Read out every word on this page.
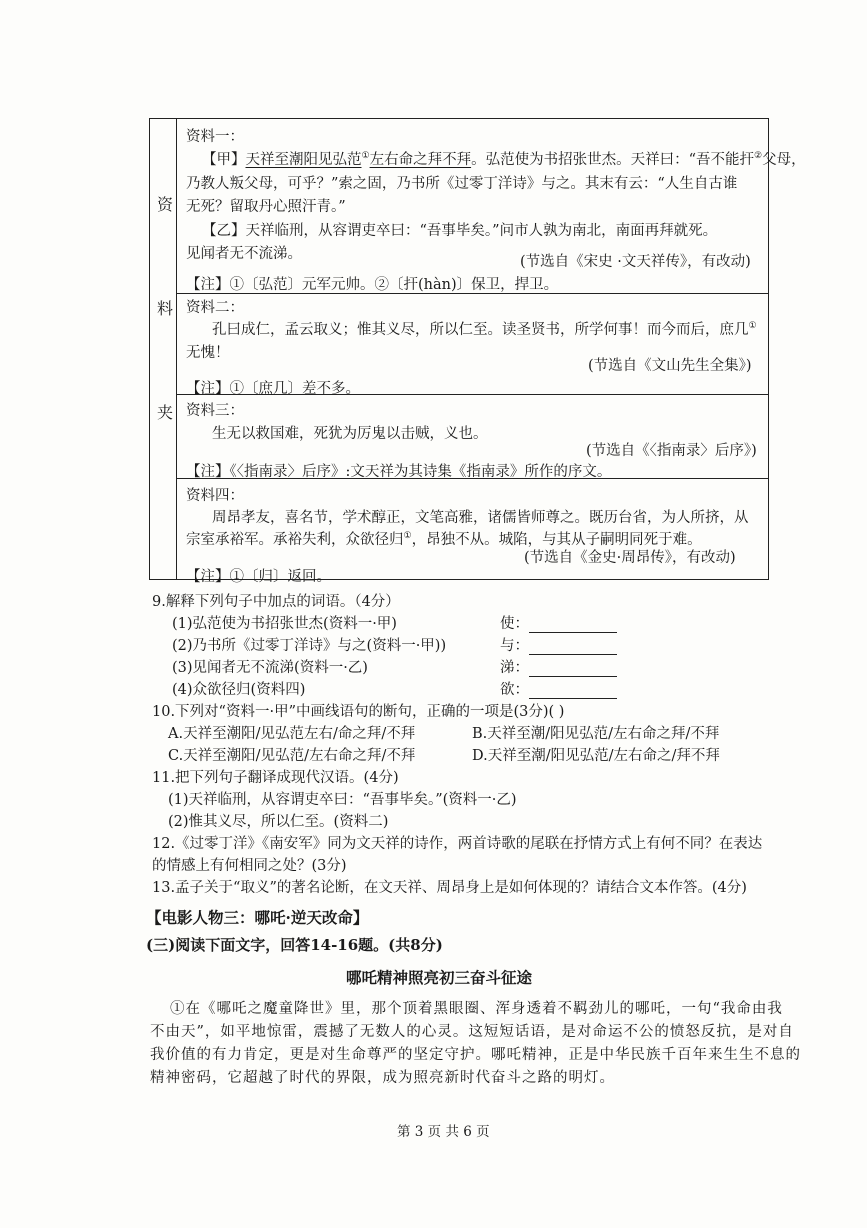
资
料
夹
资料一：
【甲】天祥至潮阳见弘范①左右命之拜不拜。弘范使为书招张世杰。天祥曰：“吾不能扞②父母，
乃教人叛父母，可乎？”索之固，乃书所《过零丁洋诗》与之。其末有云：“人生自古谁
无死？留取丹心照汗青。”
【乙】天祥临刑，从容谓吏卒曰：“吾事毕矣。”问市人孰为南北，南面再拜就死。
见闻者无不流涕。	(节选自《宋史 ·文天祥传》，有改动)
【注】①〔弘范〕元军元帅。②〔扞(hàn)〕保卫，捍卫。
资料二：
孔曰成仁，孟云取义；惟其义尽，所以仁至。读圣贤书，所学何事！而今而后，庶几①
无愧！
(节选自《文山先生全集》)
【注】①〔庶几〕差不多。
资料三：
生无以救国难，死犹为厉鬼以击贼，义也。
(节选自《〈指南录〉后序》)
【注】《〈指南录〉后序》:文天祥为其诗集《指南录》所作的序文。
资料四：
周昂孝友，喜名节，学术醇正，文笔高雅，诸儒皆师尊之。既历台省，为人所挤，从
宗室承裕军。承裕失利，众欲径归①，昂独不从。城陷，与其从子嗣明同死于难。
(节选自《金史·周昂传》，有改动)
【注】①〔归〕返回。
9.解释下列句子中加点的词语。（4分）
(1)弘范使为书招张世杰(资料一·甲)	使：
(2)乃书所《过零丁洋诗》与之(资料一·甲))	与：
(3)见闻者无不流涕(资料一·乙)	涕：
(4)众欲径归(资料四)	欲：
10.下列对“资料一·甲”中画线语句的断句，正确的一项是(3分)( )
A.天祥至潮阳/见弘范左右/命之拜/不拜	B.天祥至潮/阳见弘范/左右命之拜/不拜
C.天祥至潮阳/见弘范/左右命之拜/不拜	D.天祥至潮/阳见弘范/左右命之/拜不拜
11.把下列句子翻译成现代汉语。(4分)
(1)天祥临刑，从容谓吏卒曰：“吾事毕矣。”(资料一·乙)
(2)惟其义尽，所以仁至。(资料二)
12.《过零丁洋》《南安军》同为文天祥的诗作，两首诗歌的尾联在抒情方式上有何不同？在表达
的情感上有何相同之处？(3分)
13.孟子关于“取义”的著名论断，在文天祥、周昂身上是如何体现的？请结合文本作答。(4分)
【电影人物三：哪吒·逆天改命】
(三)阅读下面文字，回答14-16题。(共8分)
哪吒精神照亮初三奋斗征途
①在《哪吒之魔童降世》里，那个顶着黑眼圈、浑身透着不羁劲儿的哪吒，一句“我命由我
不由天”，如平地惊雷，震撼了无数人的心灵。这短短话语，是对命运不公的愤怒反抗，是对自
我价值的有力肯定，更是对生命尊严的坚定守护。哪吒精神，正是中华民族千百年来生生不息的
精神密码，它超越了时代的界限，成为照亮新时代奋斗之路的明灯。
第 3 页 共 6 页
